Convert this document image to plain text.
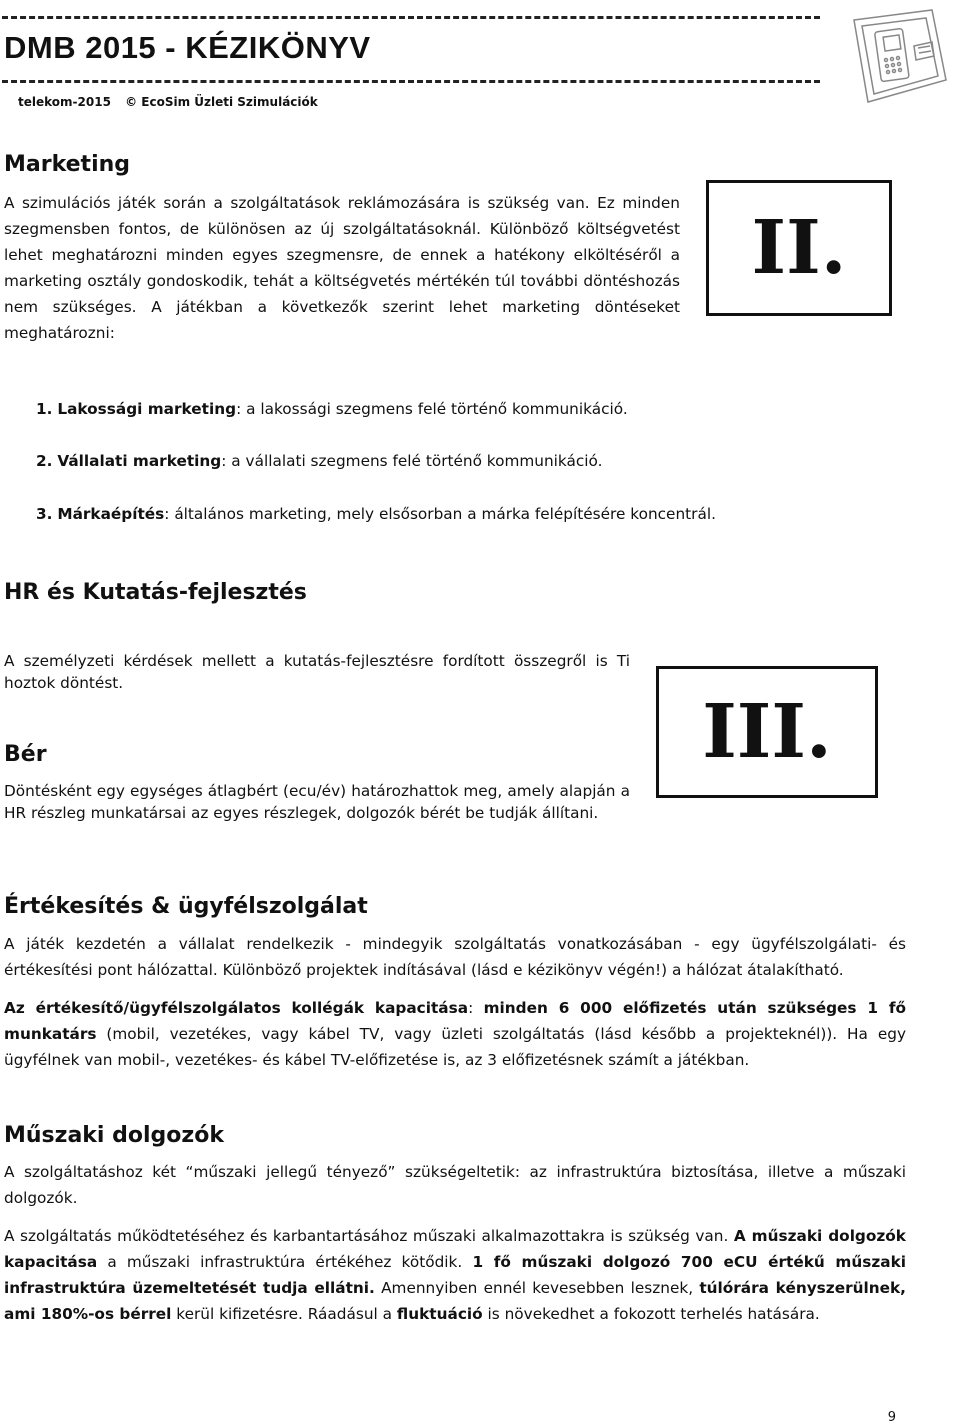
DMB 2015 - KÉZIKÖNYV
telekom-2015 © EcoSim Üzleti Szimulációk
Marketing

A szimulációs játék során a szolgáltatások reklámozására is szükség van. Ez minden szegmensben fontos, de különösen az új szolgáltatásoknál. Különböző költségvetést lehet meghatározni minden egyes szegmensre, de ennek a hatékony elköltéséről a marketing osztály gondoskodik, tehát a költségvetés mértékén túl további döntéshozás nem szükséges. A játékban a következők szerint lehet marketing döntéseket meghatározni:

II.
1. Lakossági marketing: a lakossági szegmens felé történő kommunikáció.
2. Vállalati marketing: a vállalati szegmens felé történő kommunikáció.
3. Márkaépítés: általános marketing, mely elsősorban a márka felépítésére koncentrál.
HR és Kutatás-fejlesztés

A személyzeti kérdések mellett a kutatás-fejlesztésre fordított összegről is Ti hoztok döntést.

III.
Bér

Döntésként egy egységes átlagbért (ecu/év) határozhattok meg, amely alapján a HR részleg munkatársai az egyes részlegek, dolgozók bérét be tudják állítani.

Értékesítés & ügyfélszolgálat

A játék kezdetén a vállalat rendelkezik - mindegyik szolgáltatás vonatkozásában - egy ügyfélszolgálati- és értékesítési pont hálózattal. Különböző projektek indításával (lásd e kézikönyv végén!) a hálózat átalakítható.

Az értékesítő/ügyfélszolgálatos kollégák kapacitása: minden 6 000 előfizetés után szükséges 1 fő munkatárs (mobil, vezetékes, vagy kábel TV, vagy üzleti szolgáltatás (lásd később a projekteknél)). Ha egy ügyfélnek van mobil-, vezetékes- és kábel TV-előfizetése is, az 3 előfizetésnek számít a játékban.

Műszaki dolgozók

A szolgáltatáshoz két “műszaki jellegű tényező” szükségeltetik: az infrastruktúra biztosítása, illetve a műszaki dolgozók.

A szolgáltatás működtetéséhez és karbantartásához műszaki alkalmazottakra is szükség van. A műszaki dolgozók kapacitása a műszaki infrastruktúra értékéhez kötődik. 1 fő műszaki dolgozó 700 eCU értékű műszaki infrastruktúra üzemeltetését tudja ellátni. Amennyiben ennél kevesebben lesznek, túlórára kényszerülnek, ami 180%-os bérrel kerül kifizetésre. Ráadásul a fluktuáció is növekedhet a fokozott terhelés hatására.

9
